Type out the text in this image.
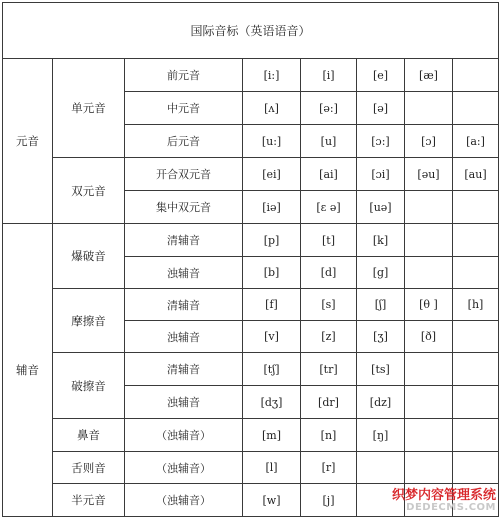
国际音标（英语语音）							
元音	单元音	前元音	[i:]	[i]	[e]	[æ]	
		中元音	[ʌ]	[ə:]	[ə]		
		后元音	[u:]	[u]	[ɔ:]	[ɔ]	[a:]
	双元音	开合双元音	[ei]	[ai]	[ɔi]	[əu]	[au]
		集中双元音	[iə]	[ɛ ə]	[uə]		
辅音	爆破音	清辅音	[p]	[t]	[k]		
		浊辅音	[b]	[d]	[g]		
	摩擦音	清辅音	[f]	[s]	[ʃ]	[θ ]	[h]
		浊辅音	[v]	[z]	[ʒ]	[ð]	
	破擦音	清辅音	[tʃ]	[tr]	[ts]		
		浊辅音	[dʒ]	[dr]	[dz]		
	鼻音	（浊辅音）	[m]	[n]	[ŋ]		
	舌则音	（浊辅音）	[l]	[r]			
	半元音	（浊辅音）	[w]	[j]				织梦内容管理系统
DEDECMS.COM
